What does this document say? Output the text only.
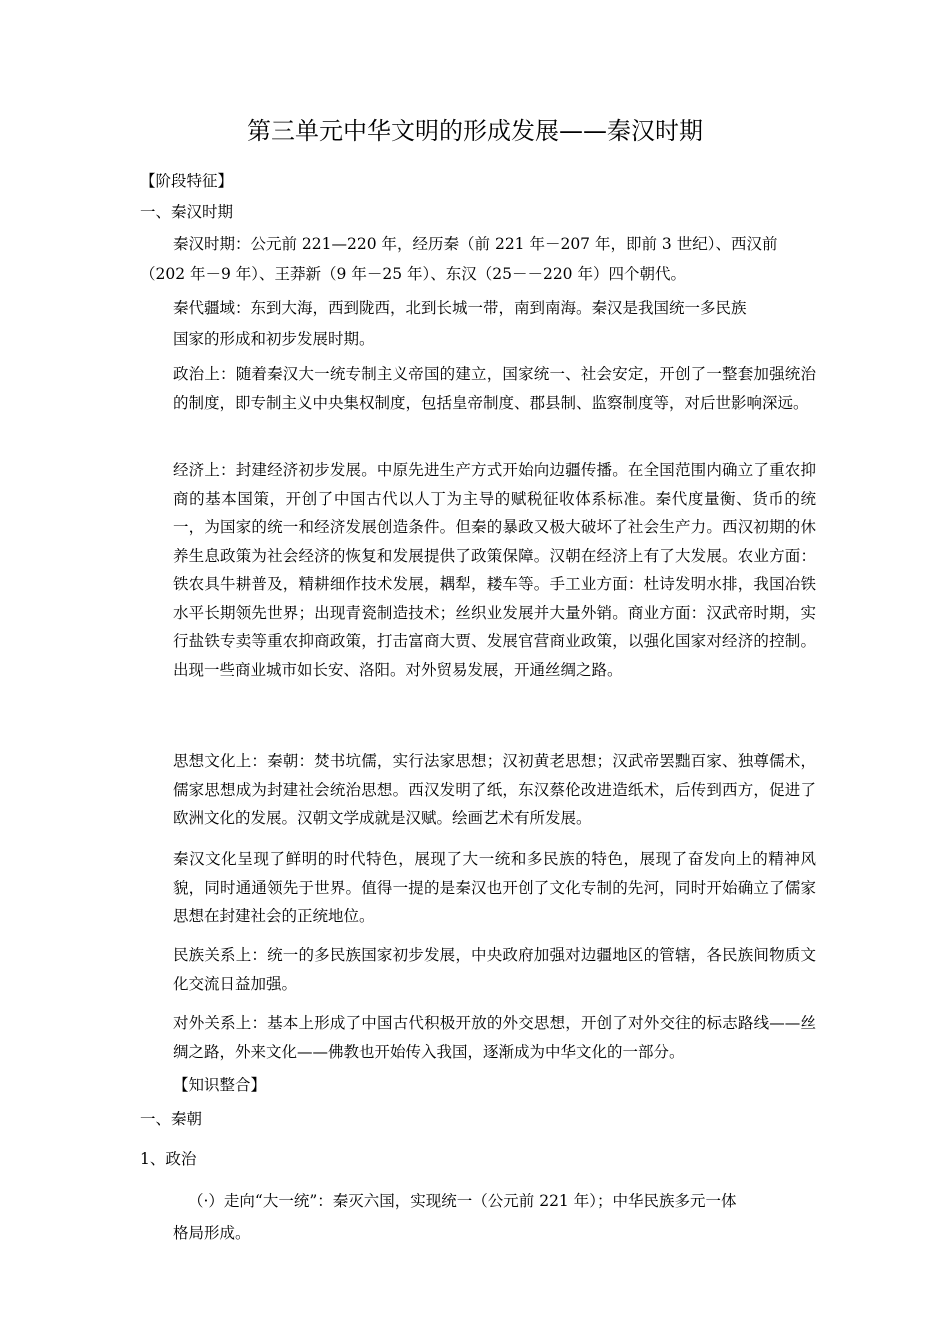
第三单元中华文明的形成发展——秦汉时期
【阶段特征】
一、秦汉时期
秦汉时期：公元前 221—220 年，经历秦（前 221 年－207 年，即前 3 世纪）、西汉前
（202 年－9 年）、王莽新（9 年－25 年）、东汉（25－－220 年）四个朝代。
秦代疆域：东到大海，西到陇西，北到长城一带，南到南海。秦汉是我国统一多民族
国家的形成和初步发展时期。
政治上：随着秦汉大一统专制主义帝国的建立，国家统一、社会安定，开创了一整套加强统治的制度，即专制主义中央集权制度，包括皇帝制度、郡县制、监察制度等，对后世影响深远。
经济上：封建经济初步发展。中原先进生产方式开始向边疆传播。在全国范围内确立了重农抑商的基本国策，开创了中国古代以人丁为主导的赋税征收体系标准。秦代度量衡、货币的统一，为国家的统一和经济发展创造条件。但秦的暴政又极大破坏了社会生产力。西汉初期的休养生息政策为社会经济的恢复和发展提供了政策保障。汉朝在经济上有了大发展。农业方面：铁农具牛耕普及，精耕细作技术发展，耦犁，耧车等。手工业方面：杜诗发明水排，我国冶铁水平长期领先世界；出现青瓷制造技术；丝织业发展并大量外销。商业方面：汉武帝时期，实行盐铁专卖等重农抑商政策，打击富商大贾、发展官营商业政策，以强化国家对经济的控制。出现一些商业城市如长安、洛阳。对外贸易发展，开通丝绸之路。
思想文化上：秦朝：焚书坑儒，实行法家思想；汉初黄老思想；汉武帝罢黜百家、独尊儒术，儒家思想成为封建社会统治思想。西汉发明了纸，东汉蔡伦改进造纸术，后传到西方，促进了欧洲文化的发展。汉朝文学成就是汉赋。绘画艺术有所发展。
秦汉文化呈现了鲜明的时代特色，展现了大一统和多民族的特色，展现了奋发向上的精神风貌，同时通通领先于世界。值得一提的是秦汉也开创了文化专制的先河，同时开始确立了儒家思想在封建社会的正统地位。
民族关系上：统一的多民族国家初步发展，中央政府加强对边疆地区的管辖，各民族间物质文化交流日益加强。
对外关系上：基本上形成了中国古代积极开放的外交思想，开创了对外交往的标志路线——丝绸之路，外来文化——佛教也开始传入我国，逐渐成为中华文化的一部分。
【知识整合】
一、秦朝
1、政治
（·）走向“大一统”：秦灭六国，实现统一（公元前 221 年）；中华民族多元一体
格局形成。
